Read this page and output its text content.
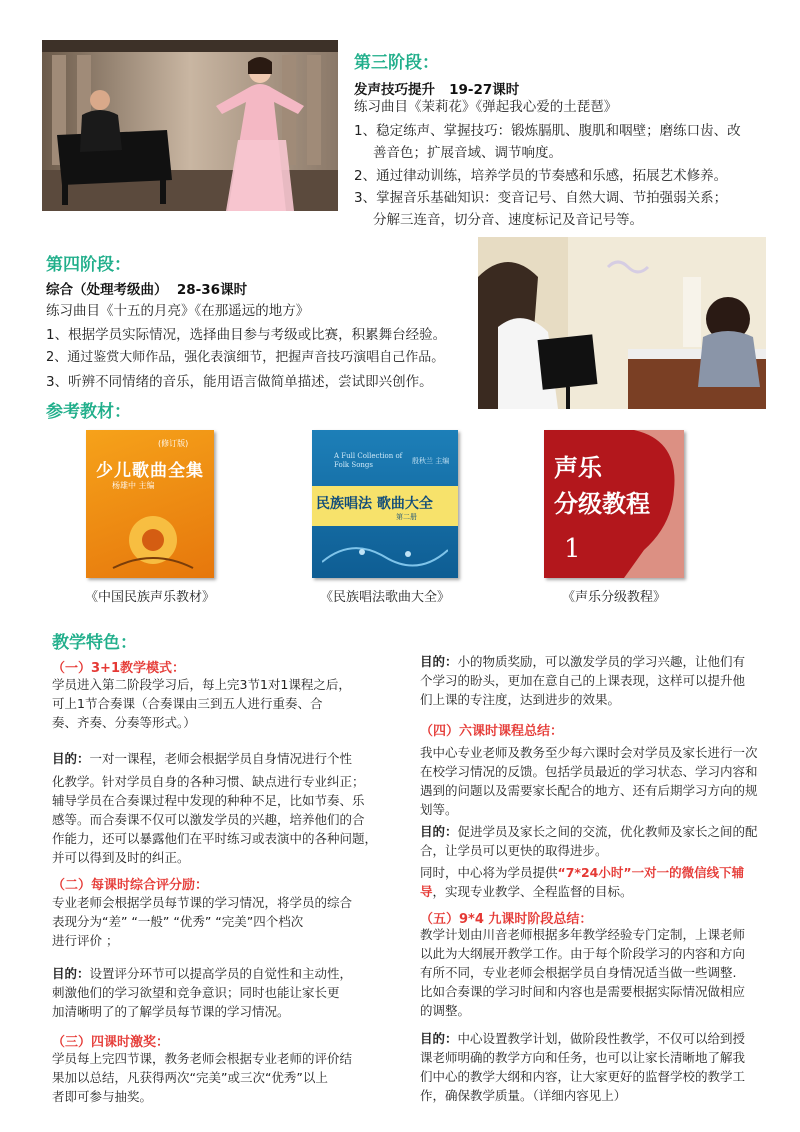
第三阶段：
发声技巧提升   19-27课时
练习曲目《茉莉花》《弹起我心爱的土琵琶》
1、稳定练声、掌握技巧：锻炼膈肌、腹肌和咽壁；磨练口齿、改
善音色；扩展音域、调节响度。
2、通过律动训练，培养学员的节奏感和乐感，拓展艺术修养。
3、掌握音乐基础知识：变音记号、自然大调、节拍强弱关系；
分解三连音，切分音、速度标记及音记号等。
第四阶段：
综合（处理考级曲）  28-36课时
练习曲目《十五的月亮》《在那遥远的地方》
1、根据学员实际情况，选择曲目参与考级或比赛，积累舞台经验。
2、通过鉴赏大师作品，强化表演细节，把握声音技巧演唱自己作品。
3、听辨不同情绪的音乐，能用语言做简单描述，尝试即兴创作。
参考教材：
(修订版)
少儿歌曲全集
杨雄中 主编
《中国民族声乐教材》
A Full Collection of Folk Songs	殷秋兰 主编
民族唱法 歌曲大全
第二册
《民族唱法歌曲大全》
声乐
分级教程
1
《声乐分级教程》
教学特色：
（一）3+1教学模式：
学员进入第二阶段学习后，每上完3节1对1课程之后，
可上1节合奏课（合奏课由三到五人进行重奏、合
奏、齐奏、分奏等形式。）
目的：一对一课程，老师会根据学员自身情况进行个性
化教学。针对学员自身的各种习惯、缺点进行专业纠正；
辅导学员在合奏课过程中发现的种种不足，比如节奏、乐
感等。而合奏课不仅可以激发学员的兴趣，培养他们的合
作能力，还可以暴露他们在平时练习或表演中的各种问题，
并可以得到及时的纠正。
（二）每课时综合评分励：
专业老师会根据学员每节课的学习情况，将学员的综合
表现分为“差” “一般” “优秀” “完美”四个档次
进行评价 ；
目的：设置评分环节可以提高学员的自觉性和主动性，
刺激他们的学习欲望和竞争意识；同时也能让家长更
加清晰明了的了解学员每节课的学习情况。
（三）四课时激奖：
学员每上完四节课，教务老师会根据专业老师的评价结
果加以总结，凡获得两次“完美”或三次“优秀”以上
者即可参与抽奖。
目的：小的物质奖励，可以激发学员的学习兴趣，让他们有
个学习的盼头，更加在意自己的上课表现，这样可以提升他
们上课的专注度，达到进步的效果。
（四）六课时课程总结：
我中心专业老师及教务至少每六课时会对学员及家长进行一次
在校学习情况的反馈。包括学员最近的学习状态、学习内容和
遇到的问题以及需要家长配合的地方、还有后期学习方向的规
划等。
目的：促进学员及家长之间的交流，优化教师及家长之间的配
合，让学员可以更快的取得进步。
同时，中心将为学员提供“7*24小时”一对一的微信线下辅
导，实现专业教学、全程监督的目标。
（五）9*4 九课时阶段总结：
教学计划由川音老师根据多年教学经验专门定制，上课老师
以此为大纲展开教学工作。由于每个阶段学习的内容和方向
有所不同，专业老师会根据学员自身情况适当做一些调整.
比如合奏课的学习时间和内容也是需要根据实际情况做相应
的调整。
目的：中心设置教学计划，做阶段性教学，不仅可以给到授
课老师明确的教学方向和任务，也可以让家长清晰地了解我
们中心的教学大纲和内容，让大家更好的监督学校的教学工
作，确保教学质量。（详细内容见上）
